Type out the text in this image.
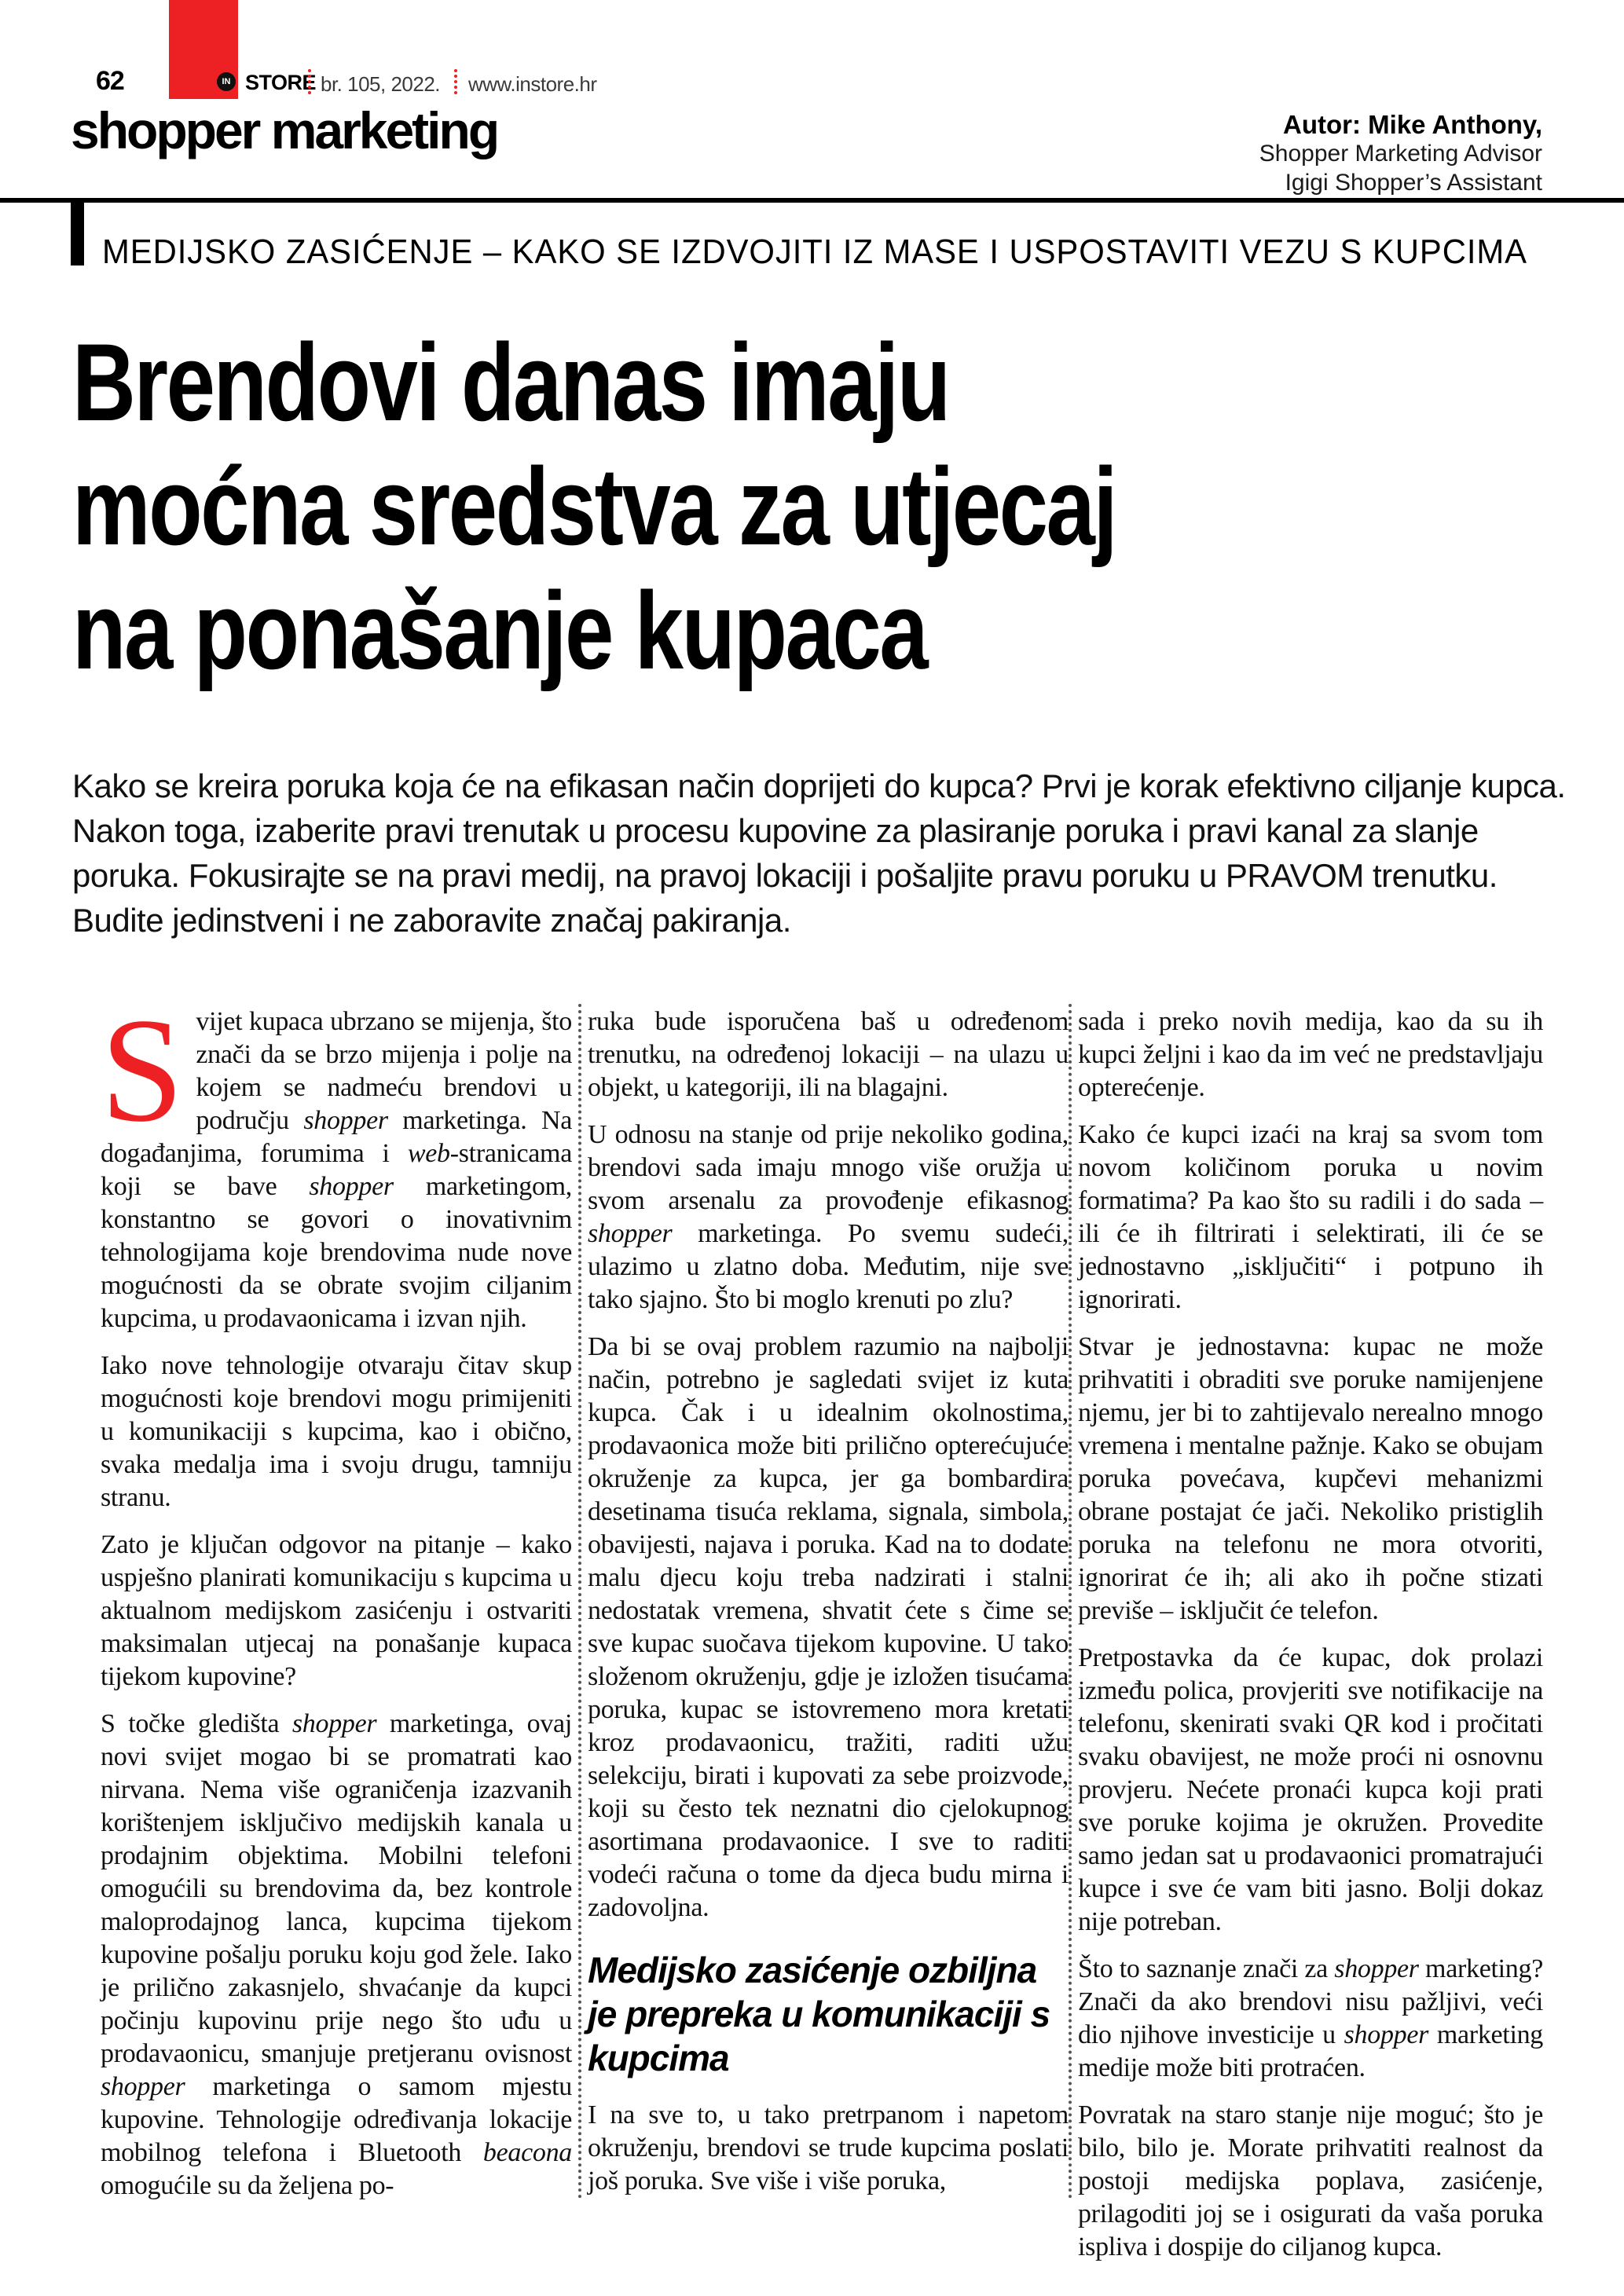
62	IN STORE br. 105, 2022. www.instore.hr
shopper marketing	Autor: Mike Anthony,
Shopper Marketing Advisor
Igigi Shopper’s Assistant
MEDIJSKO ZASIĆENJE – KAKO SE IZDVOJITI IZ MASE I USPOSTAVITI VEZU S KUPCIMA
Brendovi danas imaju
moćna sredstva za utjecaj
na ponašanje kupaca
Kako se kreira poruka koja će na efikasan način doprijeti do kupca? Prvi je korak efektivno ciljanje kupca. Nakon toga, izaberite pravi trenutak u procesu kupovine za plasiranje poruka i pravi kanal za slanje poruka. Fokusirajte se na pravi medij, na pravoj lokaciji i pošaljite pravu poruku u PRAVOM trenutku. Budite jedinstveni i ne zaboravite značaj pakiranja.

Svijet kupaca ubrzano se mijenja, što znači da se brzo mijenja i polje na kojem se nadmeću brendovi u području shopper marketinga. Na događanjima, forumima i web-stranicama koji se bave shopper marketingom, konstantno se govori o inovativnim tehnologijama koje brendovima nude nove mogućnosti da se obrate svojim ciljanim kupcima, u prodavaonicama i izvan njih.

Iako nove tehnologije otvaraju čitav skup mogućnosti koje brendovi mogu primijeniti u komunikaciji s kupcima, kao i obično, svaka medalja ima i svoju drugu, tamniju stranu.

Zato je ključan odgovor na pitanje – kako uspješno planirati komunikaciju s kupcima u aktualnom medijskom zasićenju i ostvariti maksimalan utjecaj na ponašanje kupaca tijekom kupovine?

S točke gledišta shopper marketinga, ovaj novi svijet mogao bi se promatrati kao nirvana. Nema više ograničenja izazvanih korištenjem isključivo medijskih kanala u prodajnim objektima. Mobilni telefoni omogućili su brendovima da, bez kontrole maloprodajnog lanca, kupcima tijekom kupovine pošalju poruku koju god žele. Iako je prilično zakasnjelo, shvaćanje da kupci počinju kupovinu prije nego što uđu u prodavaonicu, smanjuje pretjeranu ovisnost shopper marketinga o samom mjestu kupovine. Tehnologije određivanja lokacije mobilnog telefona i Bluetooth beacona omogućile su da željena po-

ruka bude isporučena baš u određenom trenutku, na određenoj lokaciji – na ulazu u objekt, u kategoriji, ili na blagajni.

U odnosu na stanje od prije nekoliko godina, brendovi sada imaju mnogo više oružja u svom arsenalu za provođenje efikasnog shopper marketinga. Po svemu sudeći, ulazimo u zlatno doba. Međutim, nije sve tako sjajno. Što bi moglo krenuti po zlu?

Da bi se ovaj problem razumio na najbolji način, potrebno je sagledati svijet iz kuta kupca. Čak i u idealnim okolnostima, prodavaonica može biti prilično opterećujuće okruženje za kupca, jer ga bombardira desetinama tisuća reklama, signala, simbola, obavijesti, najava i poruka. Kad na to dodate malu djecu koju treba nadzirati i stalni nedostatak vremena, shvatit ćete s čime se sve kupac suočava tijekom kupovine. U tako složenom okruženju, gdje je izložen tisućama poruka, kupac se istovremeno mora kretati kroz prodavaonicu, tražiti, raditi užu selekciju, birati i kupovati za sebe proizvode, koji su često tek neznatni dio cjelokupnog asortimana prodavaonice. I sve to raditi vodeći računa o tome da djeca budu mirna i zadovoljna.

Medijsko zasićenje ozbiljna je prepreka u komunikaciji s kupcima

I na sve to, u tako pretrpanom i napetom okruženju, brendovi se trude kupcima poslati još poruka. Sve više i više poruka,

sada i preko novih medija, kao da su ih kupci željni i kao da im već ne predstavljaju opterećenje.

Kako će kupci izaći na kraj sa svom tom novom količinom poruka u novim formatima? Pa kao što su radili i do sada – ili će ih filtrirati i selektirati, ili će se jednostavno „isključiti“ i potpuno ih ignorirati.

Stvar je jednostavna: kupac ne može prihvatiti i obraditi sve poruke namijenjene njemu, jer bi to zahtijevalo nerealno mnogo vremena i mentalne pažnje. Kako se obujam poruka povećava, kupčevi mehanizmi obrane postajat će jači. Nekoliko pristiglih poruka na telefonu ne mora otvoriti, ignorirat će ih; ali ako ih počne stizati previše – isključit će telefon.

Pretpostavka da će kupac, dok prolazi između polica, provjeriti sve notifikacije na telefonu, skenirati svaki QR kod i pročitati svaku obavijest, ne može proći ni osnovnu provjeru. Nećete pronaći kupca koji prati sve poruke kojima je okružen. Provedite samo jedan sat u prodavaonici promatrajući kupce i sve će vam biti jasno. Bolji dokaz nije potreban.

Što to saznanje znači za shopper marketing? Znači da ako brendovi nisu pažljivi, veći dio njihove investicije u shopper marketing medije može biti protraćen.

Povratak na staro stanje nije moguć; što je bilo, bilo je. Morate prihvatiti realnost da postoji medijska poplava, zasićenje, prilagoditi joj se i osigurati da vaša poruka ispliva i dospije do ciljanog kupca.
